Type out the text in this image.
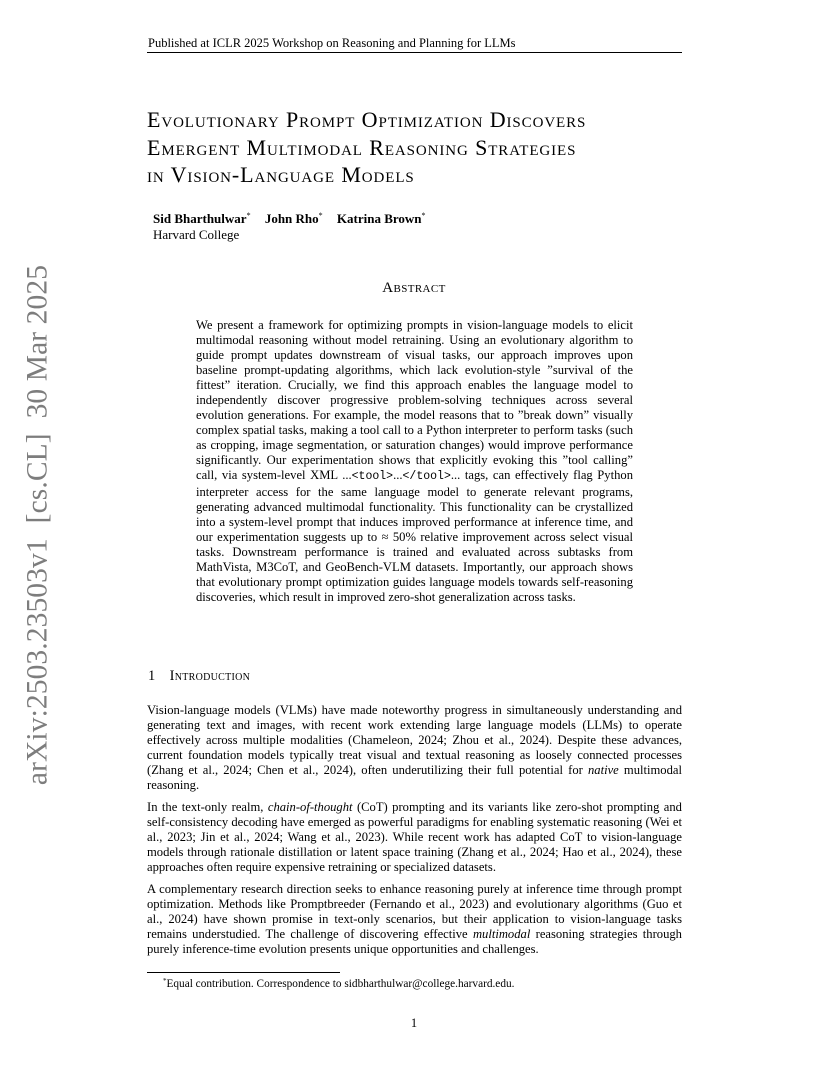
Published at ICLR 2025 Workshop on Reasoning and Planning for LLMs
arXiv:2503.23503v1  [cs.CL]  30 Mar 2025
Evolutionary Prompt Optimization Discovers
Emergent Multimodal Reasoning Strategies
in Vision-Language Models
Sid Bharthulwar* John Rho* Katrina Brown*
Harvard College
Abstract
We present a framework for optimizing prompts in vision-language models to elicit multimodal reasoning without model retraining. Using an evolutionary algorithm to guide prompt updates downstream of visual tasks, our approach improves upon baseline prompt-updating algorithms, which lack evolution-style ”survival of the fittest” iteration. Crucially, we find this approach enables the language model to independently discover progressive problem-solving techniques across several evolution generations. For example, the model reasons that to ”break down” visually complex spatial tasks, making a tool call to a Python interpreter to perform tasks (such as cropping, image segmentation, or saturation changes) would improve performance significantly. Our experimentation shows that explicitly evoking this ”tool calling” call, via system-level XML ...<tool>...</tool>... tags, can effectively flag Python interpreter access for the same language model to generate relevant programs, generating advanced multimodal functionality. This functionality can be crystallized into a system-level prompt that induces improved performance at inference time, and our experimentation suggests up to ≈ 50% relative improvement across select visual tasks. Downstream performance is trained and evaluated across subtasks from MathVista, M3CoT, and GeoBench-VLM datasets. Importantly, our approach shows that evolutionary prompt optimization guides language models towards self-reasoning discoveries, which result in improved zero-shot generalization across tasks.
1 Introduction
Vision-language models (VLMs) have made noteworthy progress in simultaneously understanding and generating text and images, with recent work extending large language models (LLMs) to operate effectively across multiple modalities (Chameleon, 2024; Zhou et al., 2024). Despite these advances, current foundation models typically treat visual and textual reasoning as loosely connected processes (Zhang et al., 2024; Chen et al., 2024), often underutilizing their full potential for native multimodal reasoning.
In the text-only realm, chain-of-thought (CoT) prompting and its variants like zero-shot prompting and self-consistency decoding have emerged as powerful paradigms for enabling systematic reasoning (Wei et al., 2023; Jin et al., 2024; Wang et al., 2023). While recent work has adapted CoT to vision-language models through rationale distillation or latent space training (Zhang et al., 2024; Hao et al., 2024), these approaches often require expensive retraining or specialized datasets.
A complementary research direction seeks to enhance reasoning purely at inference time through prompt optimization. Methods like Promptbreeder (Fernando et al., 2023) and evolutionary algorithms (Guo et al., 2024) have shown promise in text-only scenarios, but their application to vision-language tasks remains understudied. The challenge of discovering effective multimodal reasoning strategies through purely inference-time evolution presents unique opportunities and challenges.
*Equal contribution. Correspondence to sidbharthulwar@college.harvard.edu.
1
